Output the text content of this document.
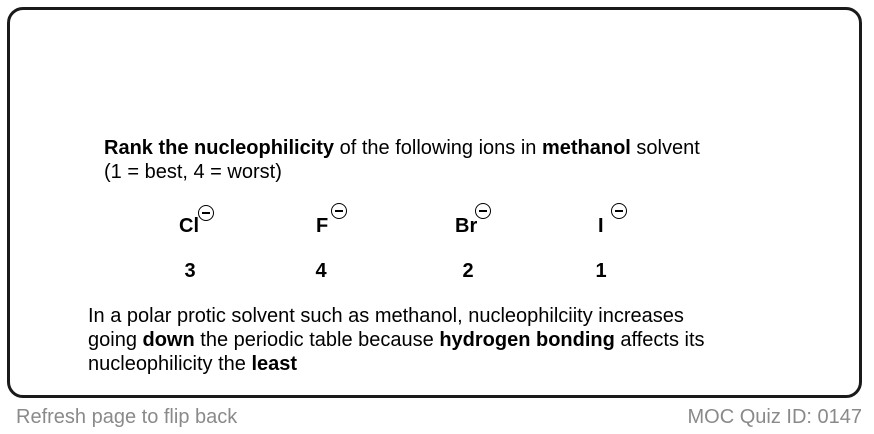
Rank the nucleophilicity of the following ions in methanol solvent
(1 = best, 4 = worst)
Cl	F	Br	I
3	4	2	1
In a polar protic solvent such as methanol, nucleophilciity increases
going down the periodic table because hydrogen bonding affects its
nucleophilicity the least
Refresh page to flip back	MOC Quiz ID: 0147
